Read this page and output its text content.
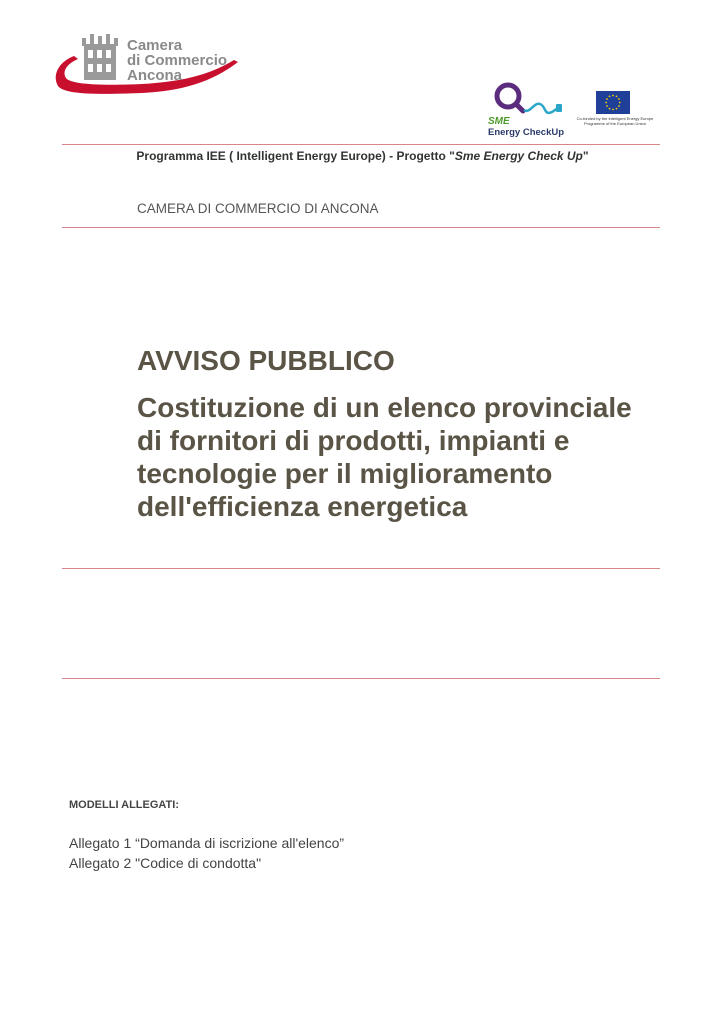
Camera
di Commercio
Ancona
SME
Energy CheckUp
Co-funded by the Intelligent Energy Europe
Programme of the European Union
Programma IEE ( Intelligent Energy Europe) - Progetto "Sme Energy Check Up"
CAMERA DI COMMERCIO DI ANCONA
AVVISO PUBBLICO
Costituzione di un elenco provinciale di fornitori di prodotti, impianti e tecnologie per il miglioramento dell'efficienza energetica
MODELLI ALLEGATI:
Allegato 1 “Domanda di iscrizione all'elenco”
Allegato 2 "Codice di condotta"
